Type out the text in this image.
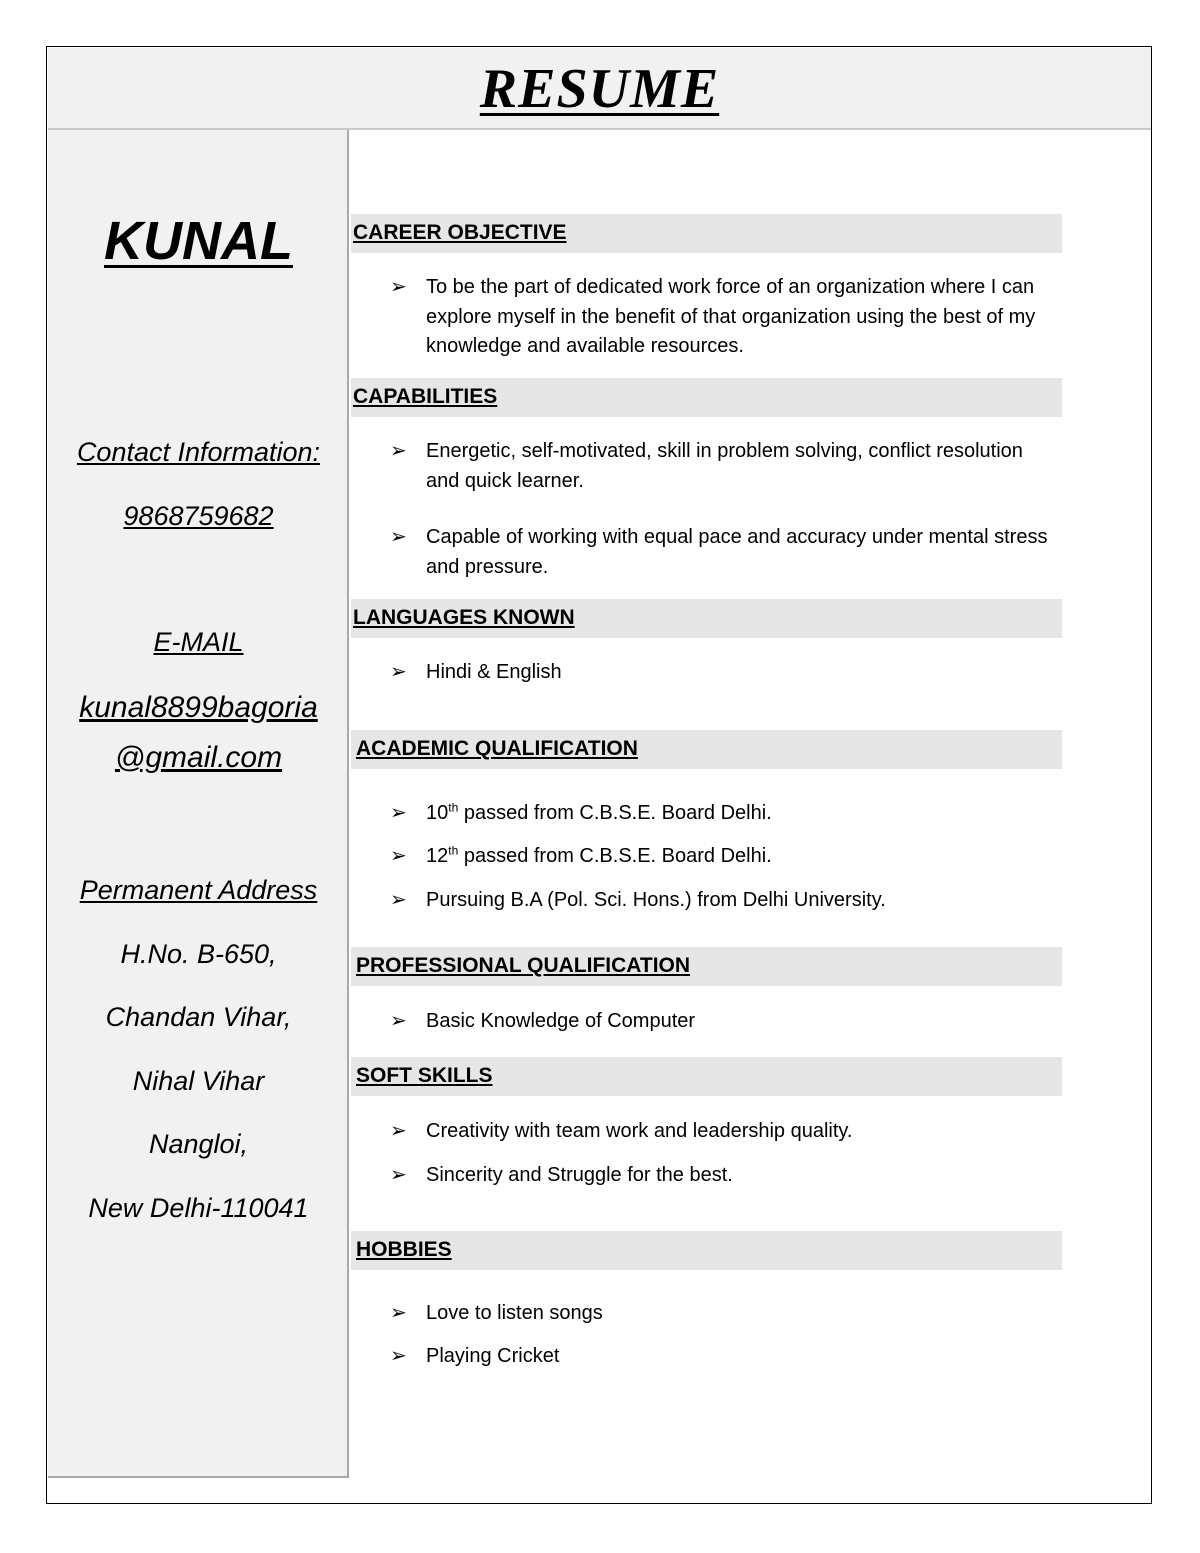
RESUME
KUNAL
Contact Information:
9868759682
E-MAIL
kunal8899bagoria
@gmail.com
Permanent Address
H.No. B-650,
Chandan Vihar,
Nihal Vihar
Nangloi,
New Delhi-110041
CAREER OBJECTIVE
➢ To be the part of dedicated work force of an organization where I can explore myself in the benefit of that organization using the best of my knowledge and available resources.
CAPABILITIES
➢ Energetic, self-motivated, skill in problem solving, conflict resolution and quick learner.
➢ Capable of working with equal pace and accuracy under mental stress and pressure.
LANGUAGES KNOWN
➢ Hindi & English
ACADEMIC QUALIFICATION
➢ 10th passed from C.B.S.E. Board Delhi.
➢ 12th passed from C.B.S.E. Board Delhi.
➢ Pursuing B.A (Pol. Sci. Hons.) from Delhi University.
PROFESSIONAL QUALIFICATION
➢ Basic Knowledge of Computer
SOFT SKILLS
➢ Creativity with team work and leadership quality.
➢ Sincerity and Struggle for the best.
HOBBIES
➢ Love to listen songs
➢ Playing Cricket
